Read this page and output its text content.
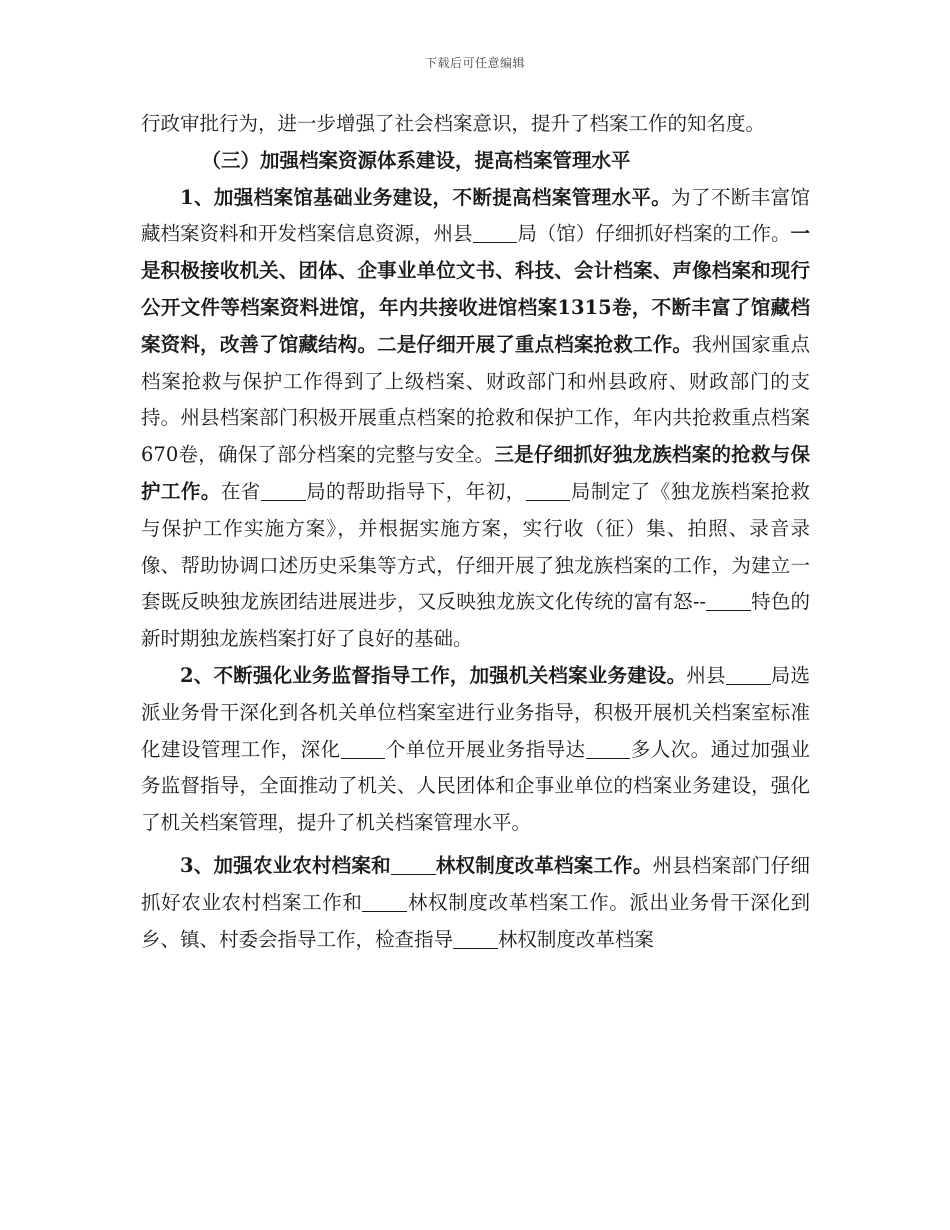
下载后可任意编辑

行政审批行为，进一步增强了社会档案意识，提升了档案工作的知名度。

（三）加强档案资源体系建设，提高档案管理水平

1、加强档案馆基础业务建设，不断提高档案管理水平。为了不断丰富馆藏档案资料和开发档案信息资源，州县 局（馆）仔细抓好档案的工作。一是积极接收机关、团体、企事业单位文书、科技、会计档案、声像档案和现行公开文件等档案资料进馆，年内共接收进馆档案1315卷，不断丰富了馆藏档案资料，改善了馆藏结构。二是仔细开展了重点档案抢救工作。我州国家重点档案抢救与保护工作得到了上级档案、财政部门和州县政府、财政部门的支持。州县档案部门积极开展重点档案的抢救和保护工作，年内共抢救重点档案670卷，确保了部分档案的完整与安全。三是仔细抓好独龙族档案的抢救与保护工作。在省 局的帮助指导下，年初， 局制定了《独龙族档案抢救与保护工作实施方案》，并根据实施方案，实行收（征）集、拍照、录音录像、帮助协调口述历史采集等方式，仔细开展了独龙族档案的工作，为建立一套既反映独龙族团结进展进步，又反映独龙族文化传统的富有怒-- 特色的新时期独龙族档案打好了良好的基础。

2、不断强化业务监督指导工作，加强机关档案业务建设。州县 局选派业务骨干深化到各机关单位档案室进行业务指导，积极开展机关档案室标准化建设管理工作，深化 个单位开展业务指导达 多人次。通过加强业务监督指导，全面推动了机关、人民团体和企事业单位的档案业务建设，强化了机关档案管理，提升了机关档案管理水平。

3、加强农业农村档案和 林权制度改革档案工作。州县档案部门仔细抓好农业农村档案工作和 林权制度改革档案工作。派出业务骨干深化到乡、镇、村委会指导工作，检查指导 林权制度改革档案
